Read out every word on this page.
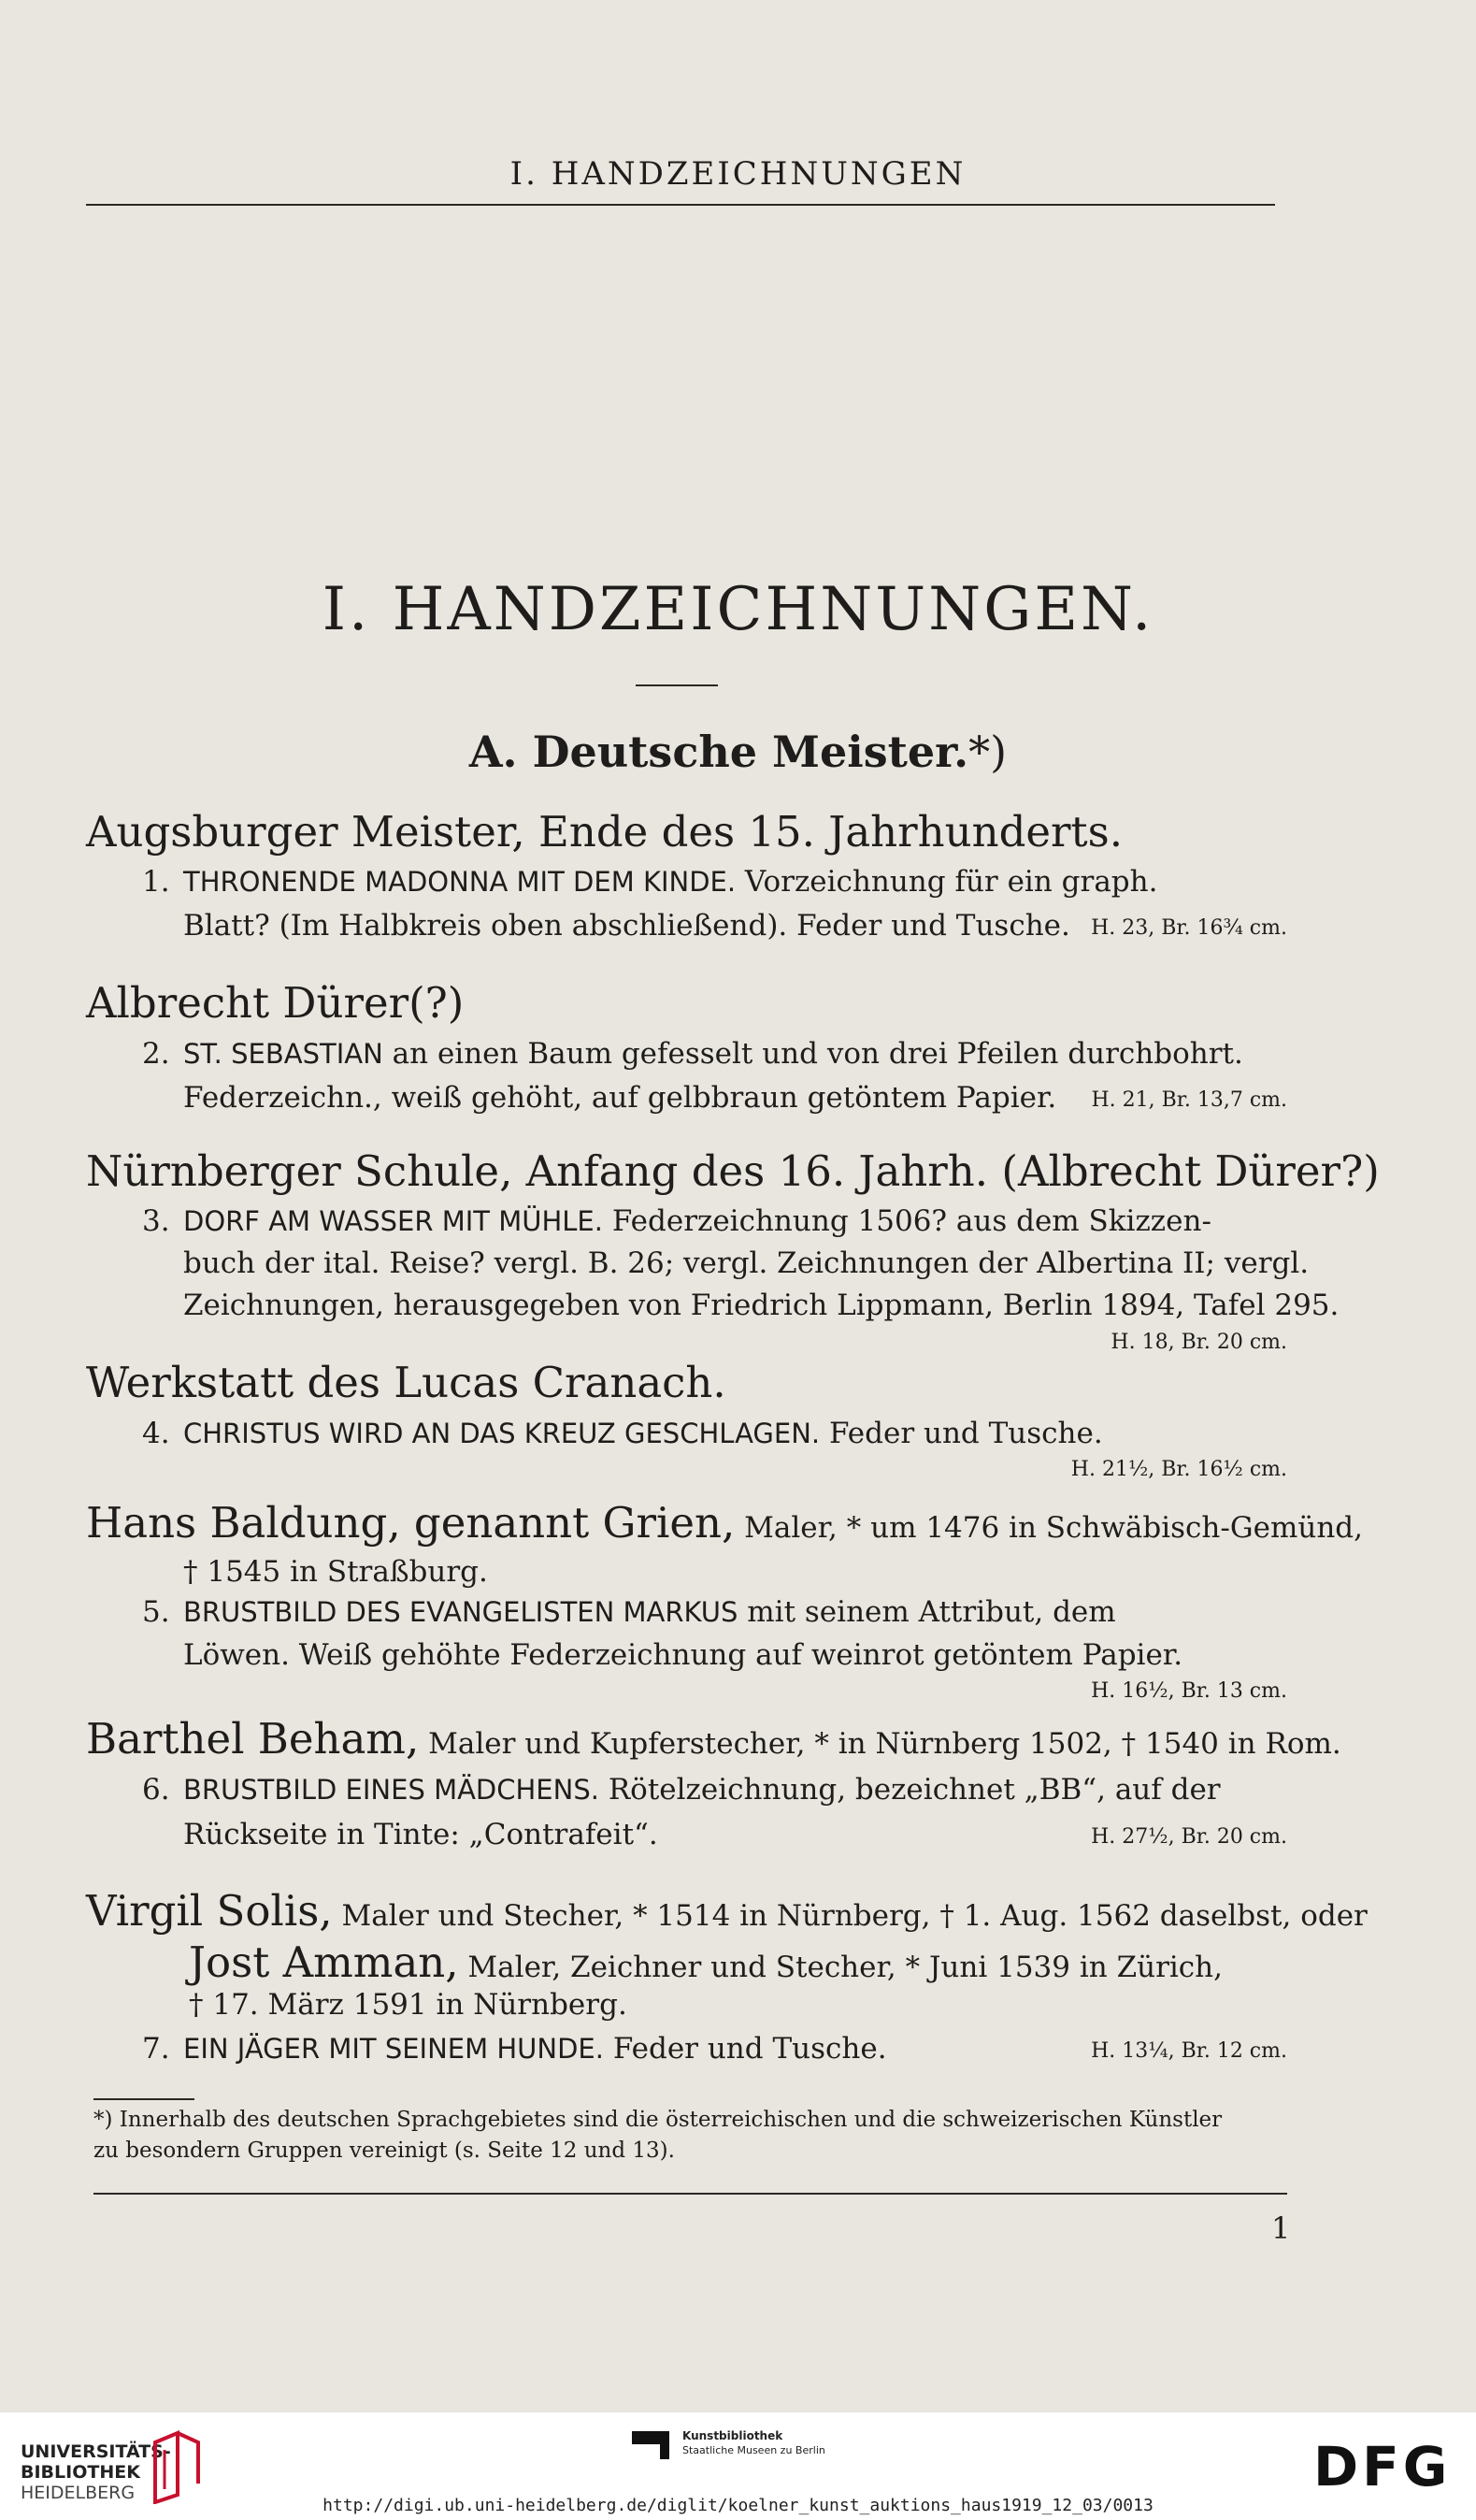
I. HANDZEICHNUNGEN
I. HANDZEICHNUNGEN.
A. Deutsche Meister.*)
Augsburger Meister, Ende des 15. Jahrhunderts.
1. THRONENDE MADONNA MIT DEM KINDE. Vorzeichnung für ein graph.
Blatt? (Im Halbkreis oben abschließend). Feder und Tusche. H. 23, Br. 16¾ cm.
Albrecht Dürer(?)
2. ST. SEBASTIAN an einen Baum gefesselt und von drei Pfeilen durchbohrt.
Federzeichn., weiß gehöht, auf gelbbraun getöntem Papier. H. 21, Br. 13,7 cm.
Nürnberger Schule, Anfang des 16. Jahrh. (Albrecht Dürer?)
3. DORF AM WASSER MIT MÜHLE. Federzeichnung 1506? aus dem Skizzen-
buch der ital. Reise? vergl. B. 26; vergl. Zeichnungen der Albertina II; vergl.
Zeichnungen, herausgegeben von Friedrich Lippmann, Berlin 1894, Tafel 295.
H. 18, Br. 20 cm.
Werkstatt des Lucas Cranach.
4. CHRISTUS WIRD AN DAS KREUZ GESCHLAGEN. Feder und Tusche.
H. 21½, Br. 16½ cm.
Hans Baldung, genannt Grien, Maler, * um 1476 in Schwäbisch-Gemünd,
† 1545 in Straßburg.
5. BRUSTBILD DES EVANGELISTEN MARKUS mit seinem Attribut, dem
Löwen. Weiß gehöhte Federzeichnung auf weinrot getöntem Papier.
H. 16½, Br. 13 cm.
Barthel Beham, Maler und Kupferstecher, * in Nürnberg 1502, † 1540 in Rom.
6. BRUSTBILD EINES MÄDCHENS. Rötelzeichnung, bezeichnet „BB“, auf der
Rückseite in Tinte: „Contrafeit“.	H. 27½, Br. 20 cm.
Virgil Solis, Maler und Stecher, * 1514 in Nürnberg, † 1. Aug. 1562 daselbst, oder
Jost Amman, Maler, Zeichner und Stecher, * Juni 1539 in Zürich,
† 17. März 1591 in Nürnberg.
7. EIN JÄGER MIT SEINEM HUNDE. Feder und Tusche.	H. 13¼, Br. 12 cm.
*) Innerhalb des deutschen Sprachgebietes sind die österreichischen und die schweizerischen Künstler
zu besondern Gruppen vereinigt (s. Seite 12 und 13).
1
UNIVERSITÄTS-
BIBLIOTHEK
HEIDELBERG
Kunstbibliothek
Staatliche Museen zu Berlin	DFG
http://digi.ub.uni-heidelberg.de/diglit/koelner_kunst_auktions_haus1919_12_03/0013
